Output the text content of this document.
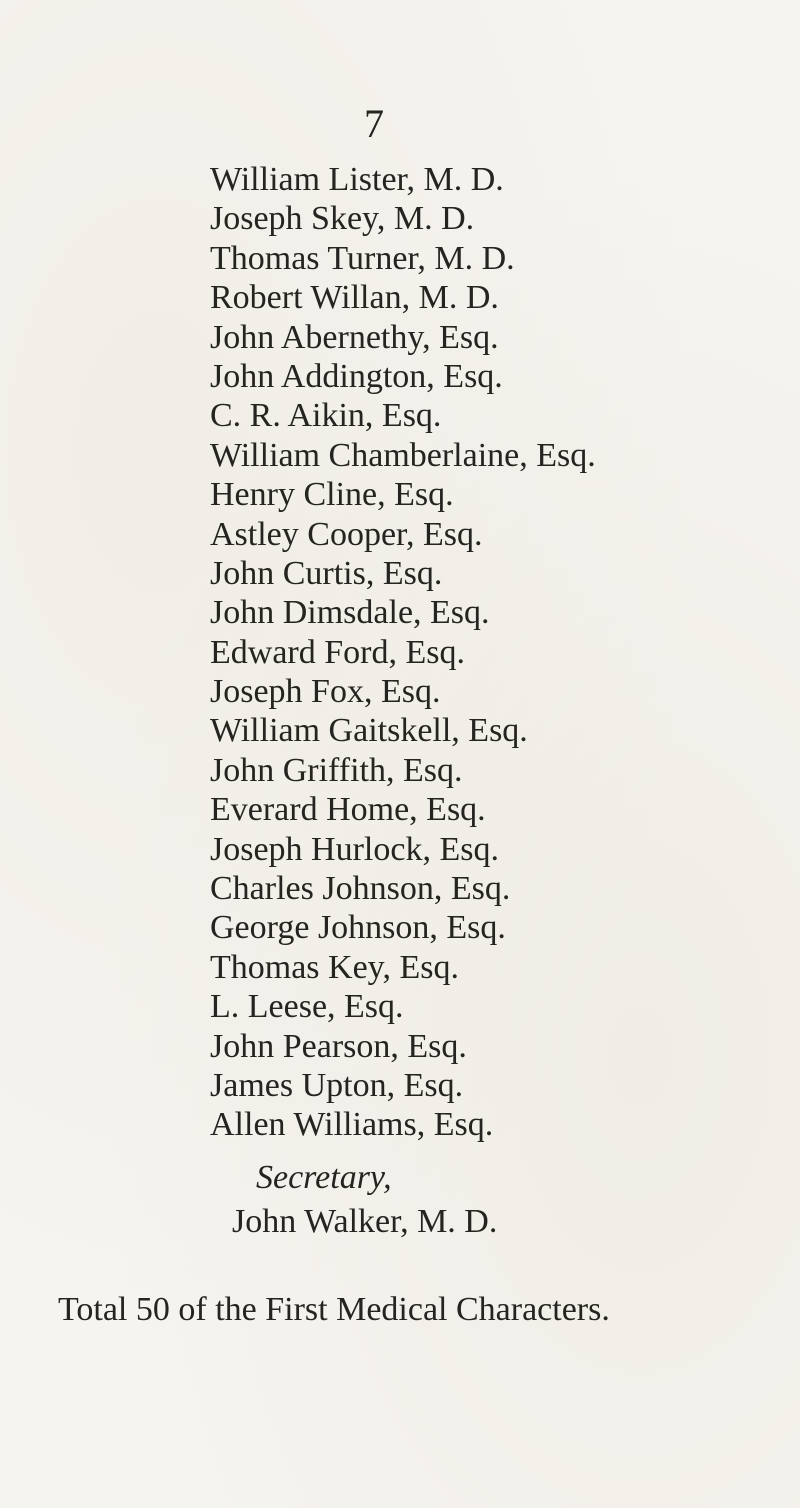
7
William Lister, M. D.
Joseph Skey, M. D.
Thomas Turner, M. D.
Robert Willan, M. D.
John Abernethy, Esq.
John Addington, Esq.
C. R. Aikin, Esq.
William Chamberlaine, Esq.
Henry Cline, Esq.
Astley Cooper, Esq.
John Curtis, Esq.
John Dimsdale, Esq.
Edward Ford, Esq.
Joseph Fox, Esq.
William Gaitskell, Esq.
John Griffith, Esq.
Everard Home, Esq.
Joseph Hurlock, Esq.
Charles Johnson, Esq.
George Johnson, Esq.
Thomas Key, Esq.
L. Leese, Esq.
John Pearson, Esq.
James Upton, Esq.
Allen Williams, Esq.
Secretary,
John Walker, M. D.
Total 50 of the First Medical Characters.
